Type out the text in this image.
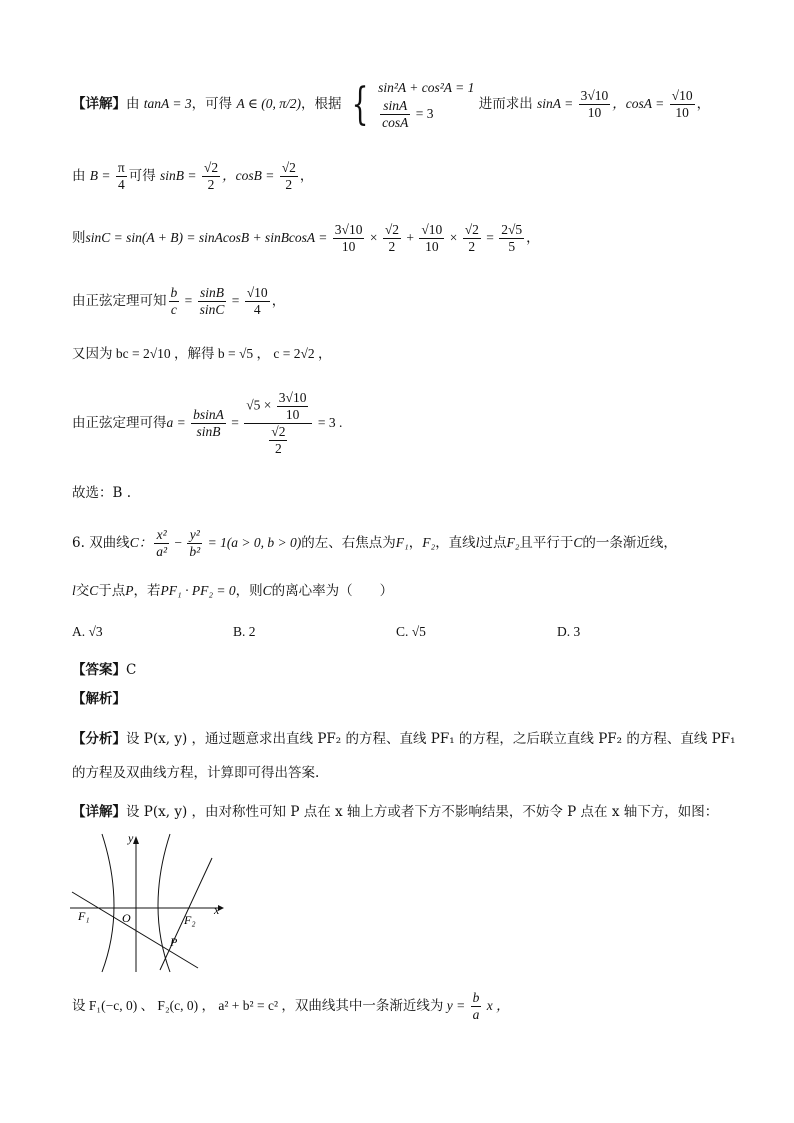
【详解】由 tanA = 3，可得 A ∈ (0, π/2)，根据 { sin²A + cos²A = 1
$\frac{\sin A}{\cos A} = 3$
进而求出 $\sin A = \frac{3√10}{10}$ ，$\cos A = \frac{√10}{10}$ ，
由 $B = \frac{\pi}{4}$ 可得 $\sin B = \frac{√2}{2}$ ，$\cos B = \frac{√2}{2}$ ，
则sinC = sin(A + B) = sinAcosB + sinBcosA = $\frac{3√10}{10} \times \frac{√2}{2} + \frac{√10}{10} \times \frac{√2}{2} = \frac{2√5}{5}$ ，
由正弦定理可知 $\frac{b}{c} = \frac{\sin B}{\sin C} = \frac{√10}{4}$ ，
又因为 bc = 2√10 ，解得 b = √5 ， c = 2√2 ，
由正弦定理可得$a = \frac{bsinA}{\sin B} = \frac{√5 \times \frac{3√10}{10}}{\frac{√2}{2}} = 3$ .
故选：B .
6. 双曲线C： $\frac{\text{x²}}{\text{a²}} - \frac{\text{y²}}{\text{b²}} = 1(a > 0$, b > 0)的左、右焦点为F₁，F₂，直线l过点F₂且平行于C的一条渐近线，
l交C于点P，若PF₁ · PF₂ = 0，则C的离心率为（　　）
A. √3	B. 2	C. √5	D. 3
【答案】C
【解析】
【分析】设 P(x, y) ，通过题意求出直线 PF₂ 的方程、直线 PF₁ 的方程，之后联立直线 PF₂ 的方程、直线 PF₁
的方程及双曲线方程，计算即可得出答案.
【详解】设 P(x, y) ，由对称性可知 P 点在 x 轴上方或者下方不影响结果，不妨令 P 点在 x 轴下方，如图：
y
x
O
F₁	F₂
P
设 F₁(−c, 0) 、 F₂(c, 0) ， a² + b² = c² ，双曲线其中一条渐近线为 $y = \frac{b}{a}$ x ，
